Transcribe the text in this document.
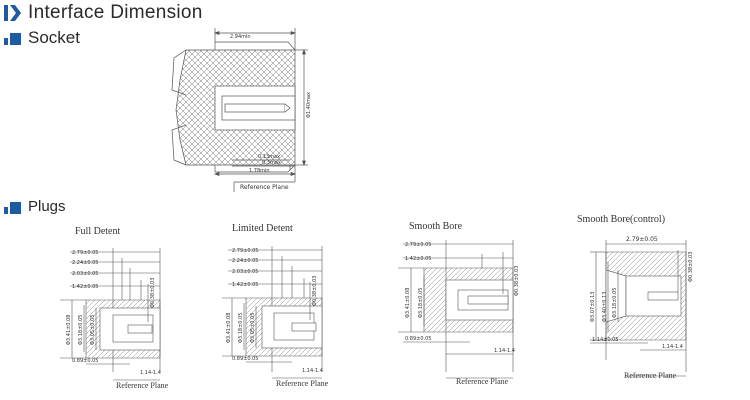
Interface Dimension
Socket
Plugs
Full Detent	Limited Detent	Smooth Bore
Smooth Bore(control)
2.94min
Φ1.40max
0.13max
0.3max
1.78min
Reference Plane
2.79±0.05
2.24±0.05
2.03±0.05
1.42±0.05
Φ3.41±0.08 Φ3.18±0.05 Φ3.05±0.05
Φ0.38±0.03
0.89±0.05
1.14-1.4
Reference Plane
2.79±0.05
2.24±0.05
2.03±0.05
1.42±0.05
Φ3.41±0.08 Φ3.18±0.05 Φ3.05±0.05
Φ0.38±0.03
0.89±0.05
1.14-1.4
Reference Plane
2.79±0.05
1.42±0.05
Φ3.41±0.08 Φ3.18±0.05
Φ0.38±0.03
0.89±0.05
1.14-1.4
Reference Plane
2.79±0.05
Φ3.07±0.13 Φ3.40±0.13 Φ3.18±0.05
Φ0.38±0.03
1.14±0.05
1.14-1.4
Reference Plane
